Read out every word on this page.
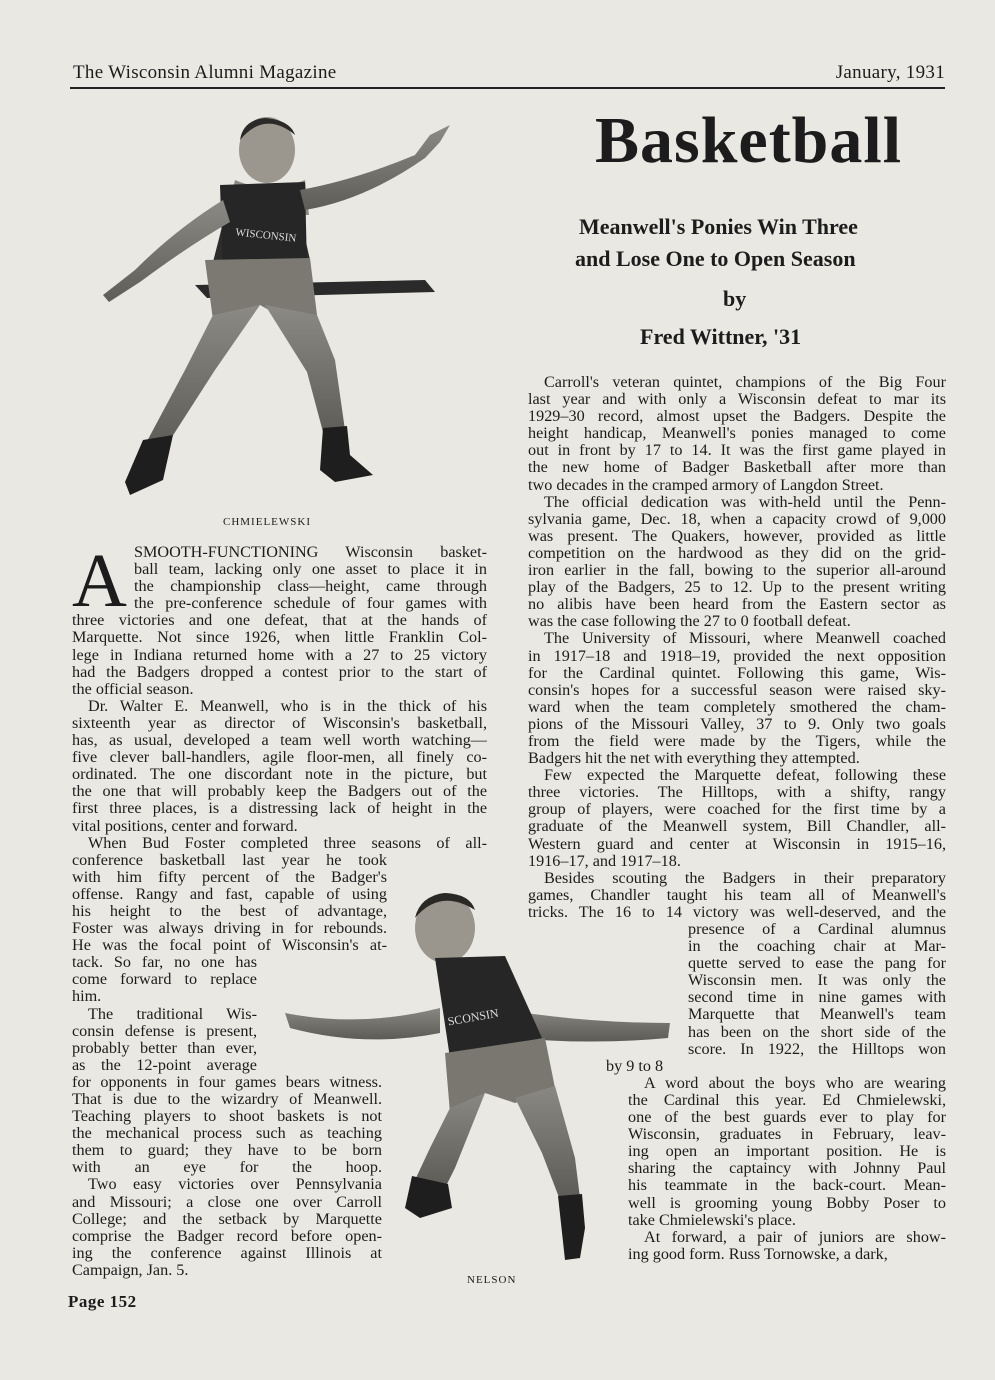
The Wisconsin Alumni Magazine	January, 1931
WISCONSIN
CHMIELEWSKI
Basketball
Meanwell's Ponies Win Three
and Lose One to Open Season
by
Fred Wittner, '31
A SMOOTH-FUNCTIONING Wisconsin basket-
ball team, lacking only one asset to place it in
the championship class—height, came through
the pre-conference schedule of four games with
three victories and one defeat, that at the hands of
Marquette. Not since 1926, when little Franklin Col-
lege in Indiana returned home with a 27 to 25 victory
had the Badgers dropped a contest prior to the start of
the official season.
Dr. Walter E. Meanwell, who is in the thick of his
sixteenth year as director of Wisconsin's basketball,
has, as usual, developed a team well worth watching—
five clever ball-handlers, agile floor-men, all finely co-
ordinated. The one discordant note in the picture, but
the one that will probably keep the Badgers out of the
first three places, is a distressing lack of height in the
vital positions, center and forward.
When Bud Foster completed three seasons of all-
conference basketball last year he took
with him fifty percent of the Badger's
offense. Rangy and fast, capable of using
his height to the best of advantage,
Foster was always driving in for rebounds.
He was the focal point of Wisconsin's at-
tack. So far, no one has
come forward to replace
him.
The traditional Wis-
consin defense is present,
probably better than ever,
as the 12-point average
for opponents in four games bears witness.
That is due to the wizardry of Meanwell.
Teaching players to shoot baskets is not
the mechanical process such as teaching
them to guard; they have to be born
with an eye for the hoop.
Two easy victories over Pennsylvania
and Missouri; a close one over Carroll
College; and the setback by Marquette
comprise the Badger record before open-
ing the conference against Illinois at
Campaign, Jan. 5.
Carroll's veteran quintet, champions of the Big Four
last year and with only a Wisconsin defeat to mar its
1929–30 record, almost upset the Badgers. Despite the
height handicap, Meanwell's ponies managed to come
out in front by 17 to 14. It was the first game played in
the new home of Badger Basketball after more than
two decades in the cramped armory of Langdon Street.
The official dedication was with-held until the Penn-
sylvania game, Dec. 18, when a capacity crowd of 9,000
was present. The Quakers, however, provided as little
competition on the hardwood as they did on the grid-
iron earlier in the fall, bowing to the superior all-around
play of the Badgers, 25 to 12. Up to the present writing
no alibis have been heard from the Eastern sector as
was the case following the 27 to 0 football defeat.
The University of Missouri, where Meanwell coached
in 1917–18 and 1918–19, provided the next opposition
for the Cardinal quintet. Following this game, Wis-
consin's hopes for a successful season were raised sky-
ward when the team completely smothered the cham-
pions of the Missouri Valley, 37 to 9. Only two goals
from the field were made by the Tigers, while the
Badgers hit the net with everything they attempted.
Few expected the Marquette defeat, following these
three victories. The Hilltops, with a shifty, rangy
group of players, were coached for the first time by a
graduate of the Meanwell system, Bill Chandler, all-
Western guard and center at Wisconsin in 1915–16,
1916–17, and 1917–18.
Besides scouting the Badgers in their preparatory
games, Chandler taught his team all of Meanwell's
tricks. The 16 to 14 victory was well-deserved, and the
presence of a Cardinal alumnus
in the coaching chair at Mar-
quette served to ease the pang for
Wisconsin men. It was only the
second time in nine games with
Marquette that Meanwell's team
has been on the short side of the
score. In 1922, the Hilltops won
by 9 to 8
A word about the boys who are wearing
the Cardinal this year. Ed Chmielewski,
one of the best guards ever to play for
Wisconsin, graduates in February, leav-
ing open an important position. He is
sharing the captaincy with Johnny Paul
his teammate in the back-court. Mean-
well is grooming young Bobby Poser to
take Chmielewski's place.
At forward, a pair of juniors are show-
ing good form. Russ Tornowske, a dark,
SCONSIN
NELSON
Page 152
